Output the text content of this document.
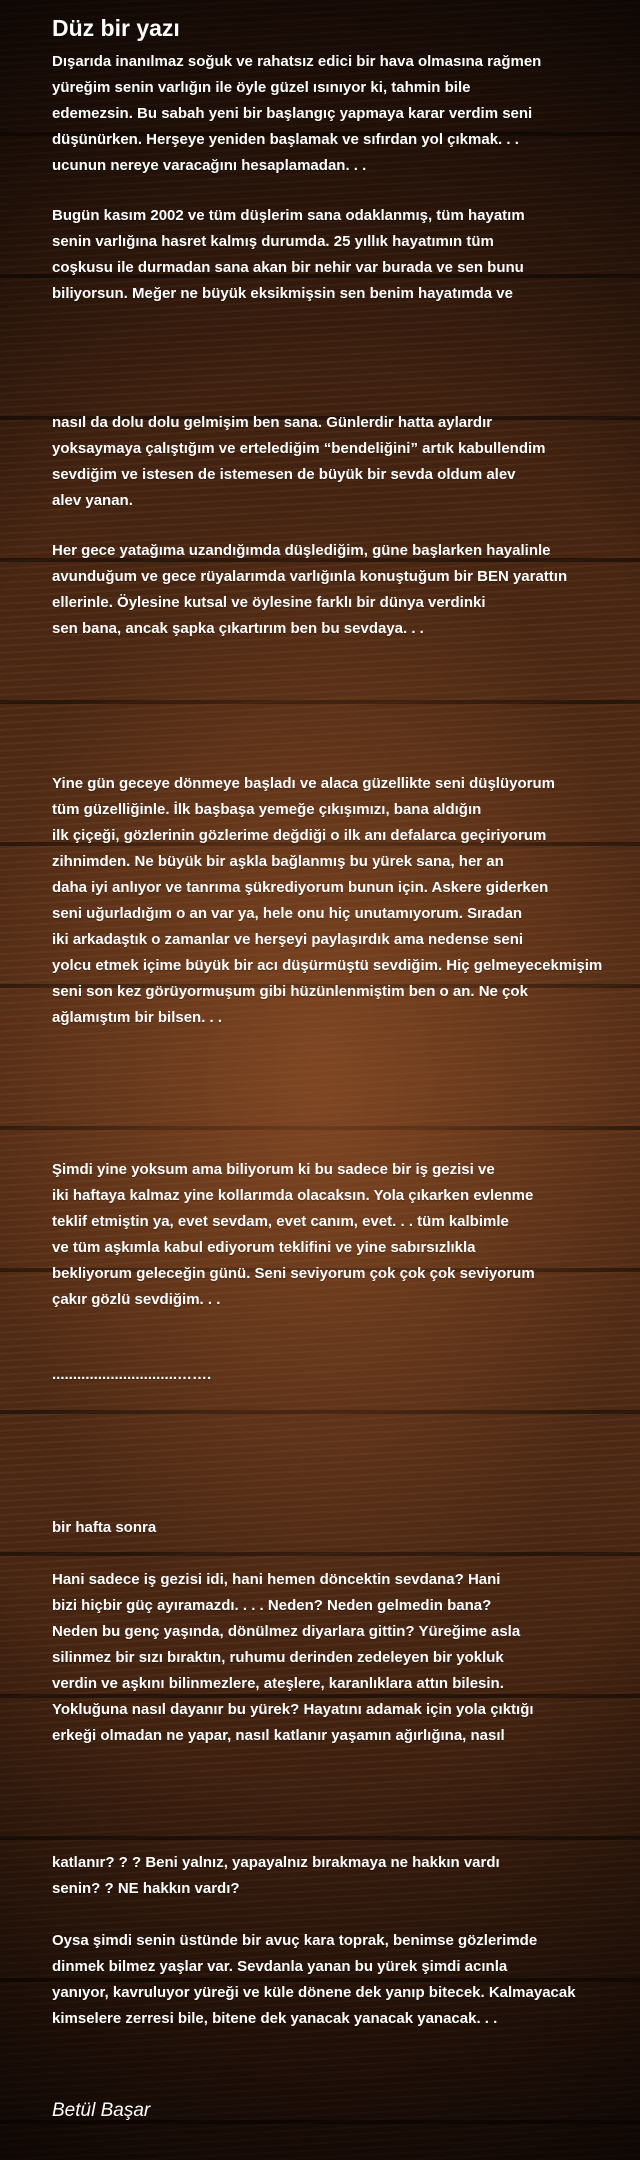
Düz bir yazı

Dışarıda inanılmaz soğuk ve rahatsız edici bir hava olmasına rağmen
yüreğim senin varlığın ile öyle güzel ısınıyor ki, tahmin bile
edemezsin. Bu sabah yeni bir başlangıç yapmaya karar verdim seni
düşünürken. Herşeye yeniden başlamak ve sıfırdan yol çıkmak. . .
ucunun nereye varacağını hesaplamadan. . .

Bugün kasım 2002 ve tüm düşlerim sana odaklanmış, tüm hayatım
senin varlığına hasret kalmış durumda. 25 yıllık hayatımın tüm
coşkusu ile durmadan sana akan bir nehir var burada ve sen bunu
biliyorsun. Meğer ne büyük eksikmişsin sen benim hayatımda ve

nasıl da dolu dolu gelmişim ben sana. Günlerdir hatta aylardır
yoksaymaya çalıştığım ve ertelediğim “bendeliğini” artık kabullendim
sevdiğim ve istesen de istemesen de büyük bir sevda oldum alev
alev yanan.

Her gece yatağıma uzandığımda düşlediğim, güne başlarken hayalinle
avunduğum ve gece rüyalarımda varlığınla konuştuğum bir BEN yarattın
ellerinle. Öylesine kutsal ve öylesine farklı bir dünya verdinki
sen bana, ancak şapka çıkartırım ben bu sevdaya. . .

Yine gün geceye dönmeye başladı ve alaca güzellikte seni düşlüyorum
tüm güzelliğinle. İlk başbaşa yemeğe çıkışımızı, bana aldığın
ilk çiçeği, gözlerinin gözlerime değdiği o ilk anı defalarca geçiriyorum
zihnimden. Ne büyük bir aşkla bağlanmış bu yürek sana, her an
daha iyi anlıyor ve tanrıma şükrediyorum bunun için. Askere giderken
seni uğurladığım o an var ya, hele onu hiç unutamıyorum. Sıradan
iki arkadaştık o zamanlar ve herşeyi paylaşırdık ama nedense seni
yolcu etmek içime büyük bir acı düşürmüştü sevdiğim. Hiç gelmeyecekmişim
seni son kez görüyormuşum gibi hüzünlenmiştim ben o an. Ne çok
ağlamıştım bir bilsen. . .

Şimdi yine yoksum ama biliyorum ki bu sadece bir iş gezisi ve
iki haftaya kalmaz yine kollarımda olacaksın. Yola çıkarken evlenme
teklif etmiştin ya, evet sevdam, evet canım, evet. . . tüm kalbimle
ve tüm aşkımla kabul ediyorum teklifini ve yine sabırsızlıkla
bekliyorum geleceğin günü. Seni seviyorum çok çok çok seviyorum
çakır gözlü sevdiğim. . .

..............................…….

bir hafta sonra

Hani sadece iş gezisi idi, hani hemen döncektin sevdana? Hani
bizi hiçbir güç ayıramazdı. . . . Neden? Neden gelmedin bana?
Neden bu genç yaşında, dönülmez diyarlara gittin? Yüreğime asla
silinmez bir sızı bıraktın, ruhumu derinden zedeleyen bir yokluk
verdin ve aşkını bilinmezlere, ateşlere, karanlıklara attın bilesin.
Yokluğuna nasıl dayanır bu yürek? Hayatını adamak için yola çıktığı
erkeği olmadan ne yapar, nasıl katlanır yaşamın ağırlığına, nasıl

katlanır? ? ? Beni yalnız, yapayalnız bırakmaya ne hakkın vardı
senin? ? NE hakkın vardı?

Oysa şimdi senin üstünde bir avuç kara toprak, benimse gözlerimde
dinmek bilmez yaşlar var. Sevdanla yanan bu yürek şimdi acınla
yanıyor, kavruluyor yüreği ve küle dönene dek yanıp bitecek. Kalmayacak
kimselere zerresi bile, bitene dek yanacak yanacak yanacak. . .

Betül Başar
